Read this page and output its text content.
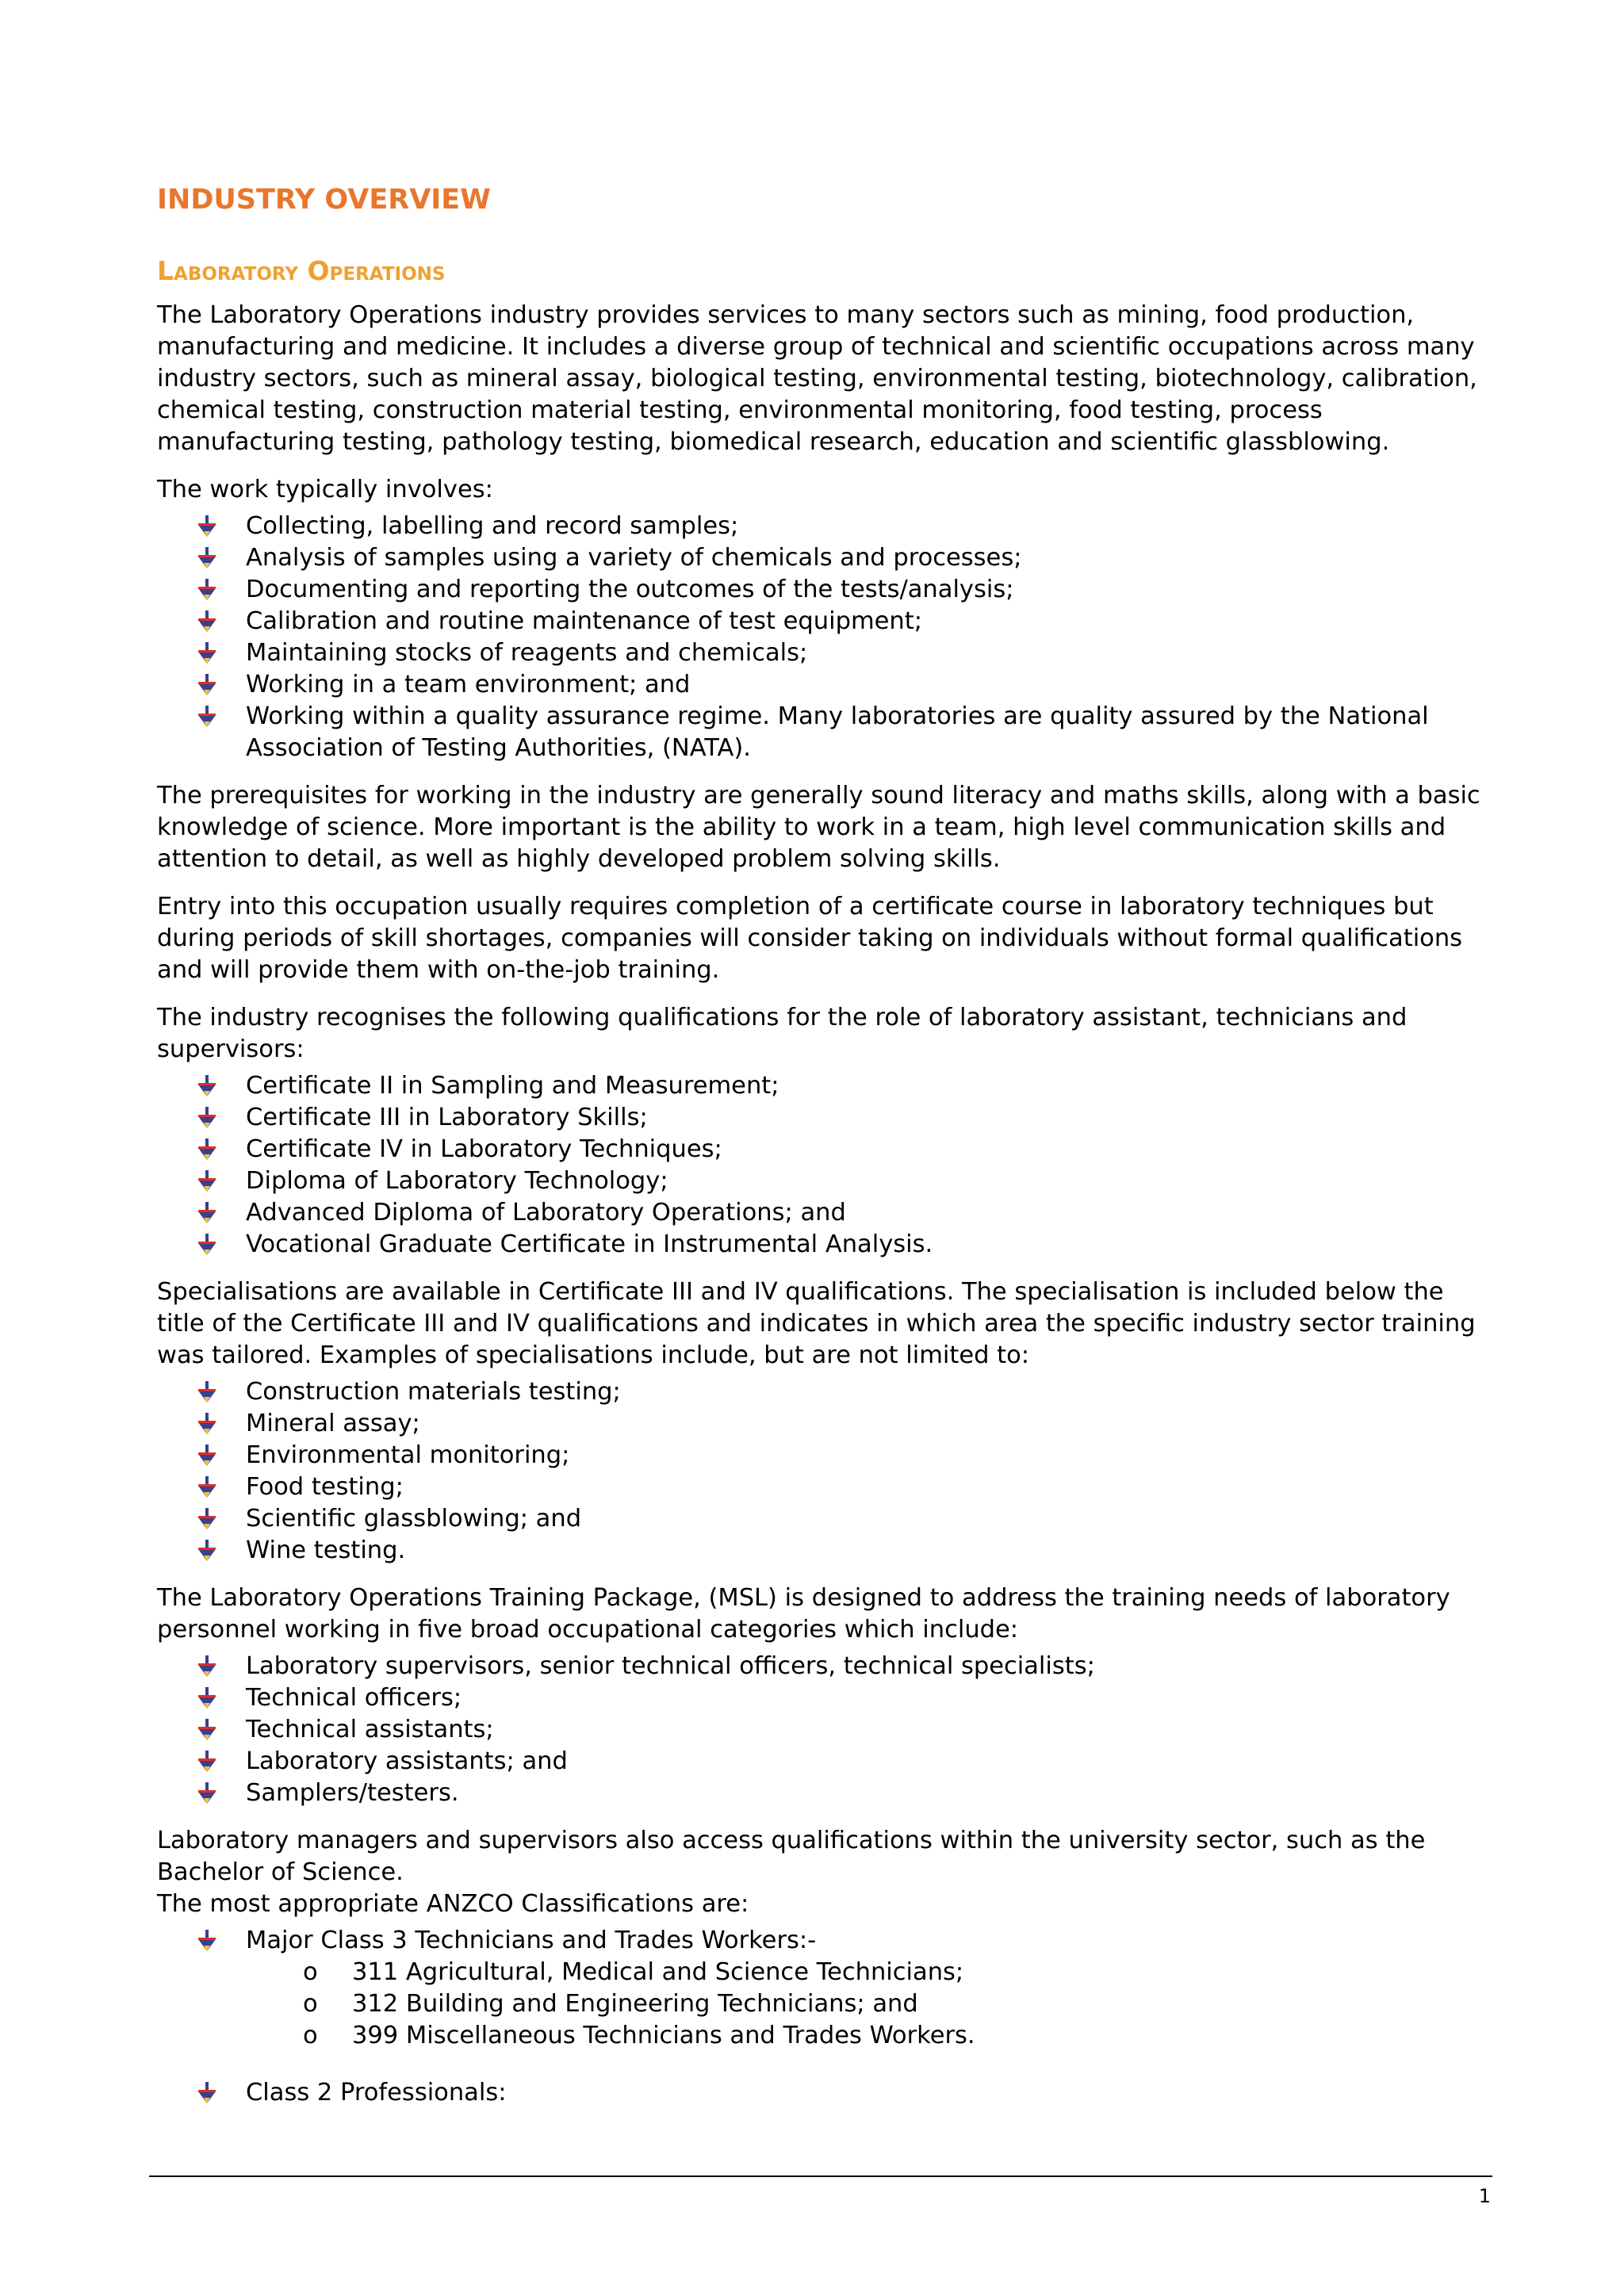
INDUSTRY OVERVIEW
Laboratory Operations
The Laboratory Operations industry provides services to many sectors such as mining, food production, manufacturing and medicine. It includes a diverse group of technical and scientific occupations across many industry sectors, such as mineral assay, biological testing, environmental testing, biotechnology, calibration, chemical testing, construction material testing, environmental monitoring, food testing, process manufacturing testing, pathology testing, biomedical research, education and scientific glassblowing.
The work typically involves:
Collecting, labelling and record samples;
Analysis of samples using a variety of chemicals and processes;
Documenting and reporting the outcomes of the tests/analysis;
Calibration and routine maintenance of test equipment;
Maintaining stocks of reagents and chemicals;
Working in a team environment; and
Working within a quality assurance regime. Many laboratories are quality assured by the National Association of Testing Authorities, (NATA).
The prerequisites for working in the industry are generally sound literacy and maths skills, along with a basic knowledge of science. More important is the ability to work in a team, high level communication skills and attention to detail, as well as highly developed problem solving skills.
Entry into this occupation usually requires completion of a certificate course in laboratory techniques but during periods of skill shortages, companies will consider taking on individuals without formal qualifications and will provide them with on-the-job training.
The industry recognises the following qualifications for the role of laboratory assistant, technicians and supervisors:
Certificate II in Sampling and Measurement;
Certificate III in Laboratory Skills;
Certificate IV in Laboratory Techniques;
Diploma of Laboratory Technology;
Advanced Diploma of Laboratory Operations; and
Vocational Graduate Certificate in Instrumental Analysis.
Specialisations are available in Certificate III and IV qualifications. The specialisation is included below the title of the Certificate III and IV qualifications and indicates in which area the specific industry sector training was tailored. Examples of specialisations include, but are not limited to:
Construction materials testing;
Mineral assay;
Environmental monitoring;
Food testing;
Scientific glassblowing; and
Wine testing.
The Laboratory Operations Training Package, (MSL) is designed to address the training needs of laboratory personnel working in five broad occupational categories which include:
Laboratory supervisors, senior technical officers, technical specialists;
Technical officers;
Technical assistants;
Laboratory assistants; and
Samplers/testers.
Laboratory managers and supervisors also access qualifications within the university sector, such as the Bachelor of Science.
The most appropriate ANZCO Classifications are:
Major Class 3 Technicians and Trades Workers:-
o 311 Agricultural, Medical and Science Technicians;
o 312 Building and Engineering Technicians; and
o 399 Miscellaneous Technicians and Trades Workers.
Class 2 Professionals:
1
